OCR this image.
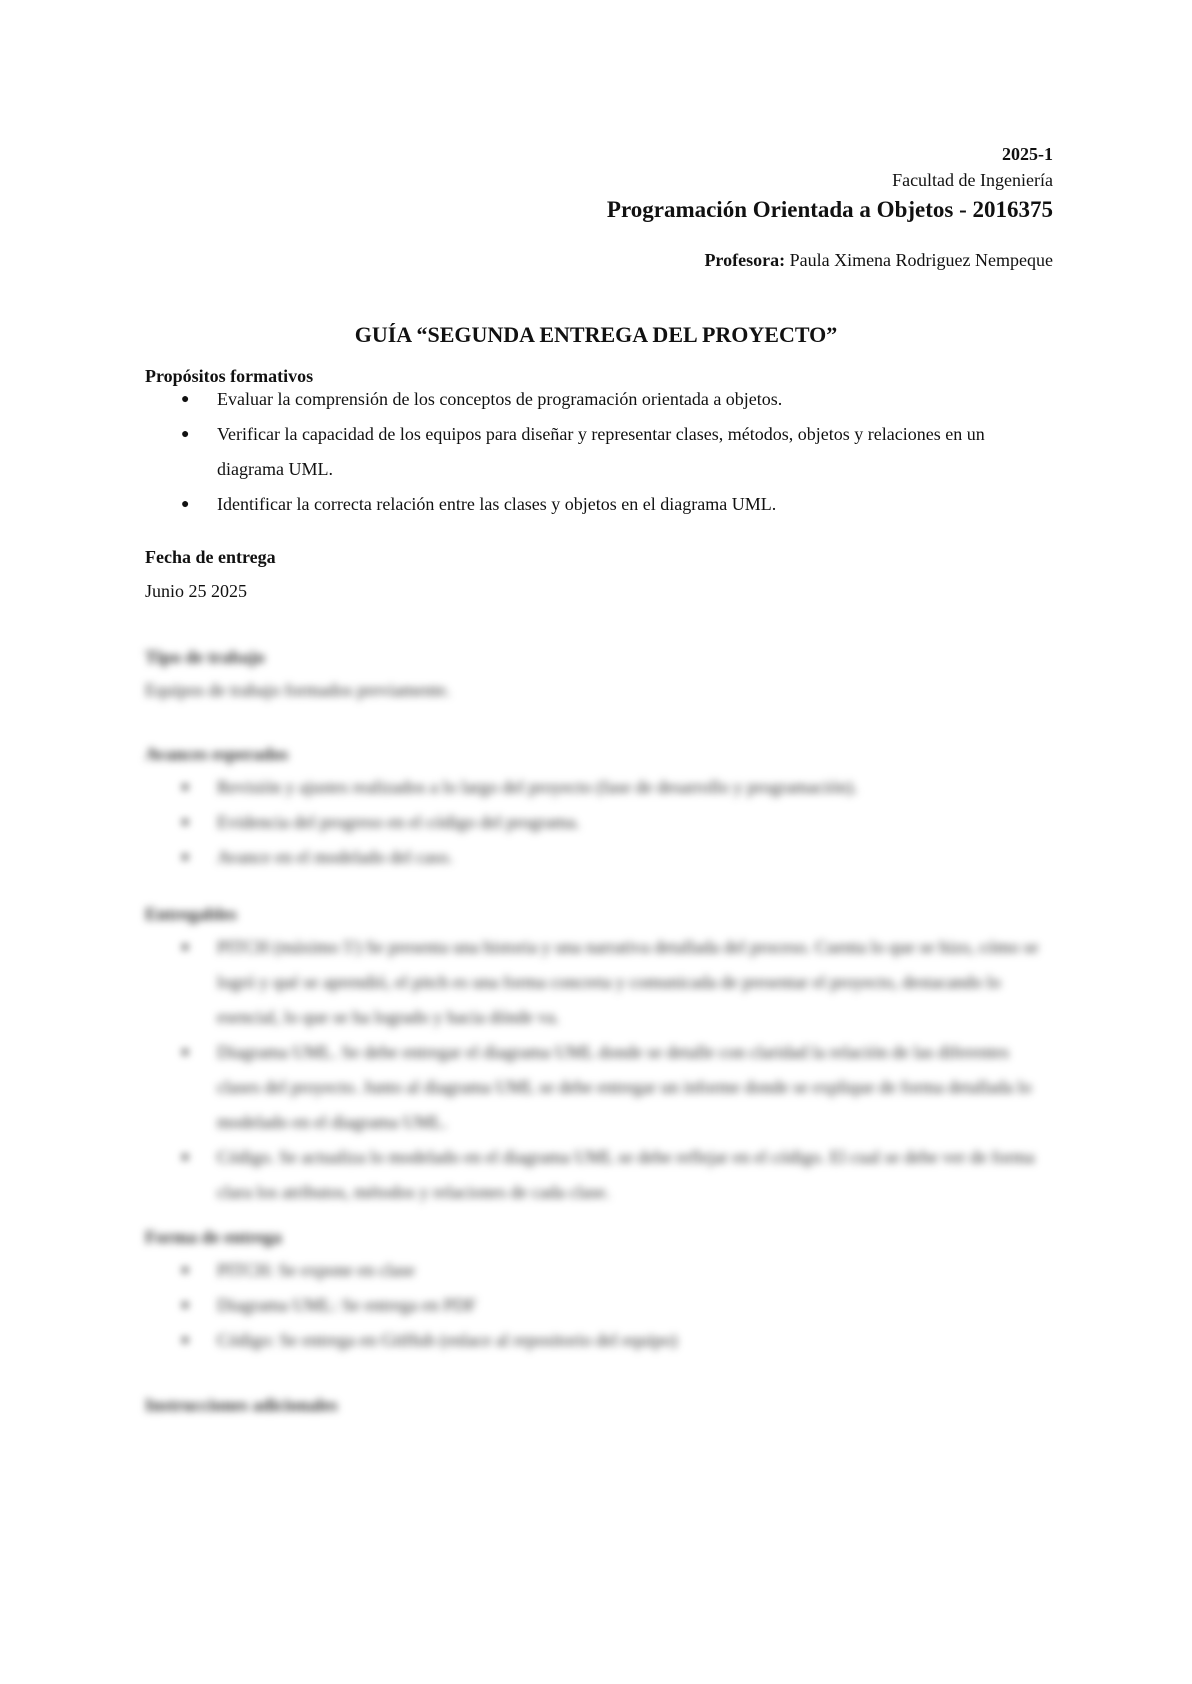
2025-1
Facultad de Ingeniería
Programación Orientada a Objetos - 2016375
Profesora: Paula Ximena Rodriguez Nempeque
GUÍA “SEGUNDA ENTREGA DEL PROYECTO”
Propósitos formativos
● Evaluar la comprensión de los conceptos de programación orientada a objetos.
● Verificar la capacidad de los equipos para diseñar y representar clases, métodos, objetos y relaciones en un diagrama UML.
● Identificar la correcta relación entre las clases y objetos en el diagrama UML.
Fecha de entrega
Junio 25 2025
Tipo de trabajo
Equipos de trabajo formados previamente.
Avances esperados
● Revisión y ajustes realizados a lo largo del proyecto (fase de desarrollo y programación).
● Evidencia del progreso en el código del programa.
● Avance en el modelado del caso.
Entregables
● PITCH (máximo 5') Se presenta una historia y una narrativa detallada del proceso. Cuenta lo que se hizo, cómo se logró y qué se aprendió, el pitch es una forma concreta y comunicada de presentar el proyecto, destacando lo esencial, lo que se ha logrado y hacia dónde va.
● Diagrama UML. Se debe entregar el diagrama UML donde se detalle con claridad la relación de las diferentes clases del proyecto. Junto al diagrama UML se debe entregar un informe donde se explique de forma detallada lo modelado en el diagrama UML.
● Código. Se actualiza lo modelado en el diagrama UML se debe reflejar en el código. El cual se debe ver de forma clara los atributos, métodos y relaciones de cada clase.
Forma de entrega
● PITCH: Se expone en clase
● Diagrama UML: Se entrega en PDF
● Código: Se entrega en GitHub (enlace al repositorio del equipo)
Instrucciones adicionales
